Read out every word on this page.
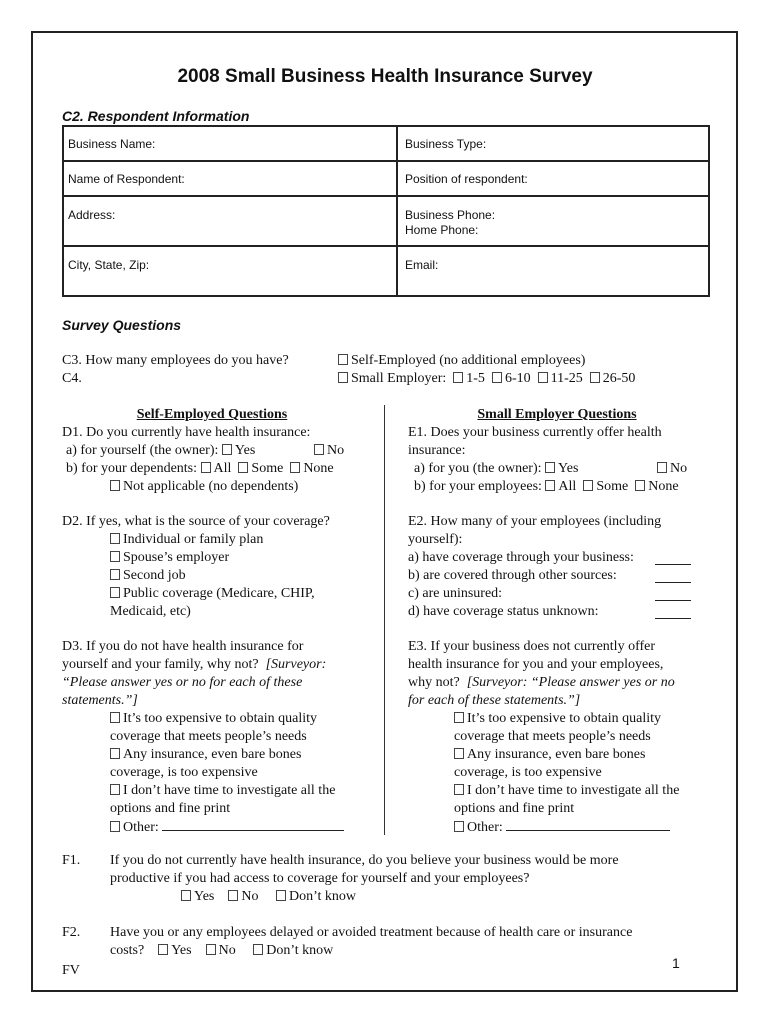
2008 Small Business Health Insurance Survey
C2. Respondent Information
Business Name:	Business Type:
Name of Respondent:	Position of respondent:
Address:	Business Phone:
Home Phone:
City, State, Zip:	Email:
Survey Questions
C3. How many employees do you have?	Self-Employed (no additional employees)
C4.	Small Employer: 1-5 6-10 11-25 26-50
Self-Employed Questions
D1. Do you currently have health insurance:
a) for yourself (the owner): Yes	No
b) for your dependents: All Some None
Not applicable (no dependents)
D2. If yes, what is the source of your coverage?
Individual or family plan
Spouse’s employer
Second job
Public coverage (Medicare, CHIP,
Medicaid, etc)
D3. If you do not have health insurance for
yourself and your family, why not? [Surveyor:
“Please answer yes or no for each of these
statements.”]
It’s too expensive to obtain quality
coverage that meets people’s needs
Any insurance, even bare bones
coverage, is too expensive
I don’t have time to investigate all the
options and fine print
Other:
Small Employer Questions
E1. Does your business currently offer health
insurance:
a) for you (the owner): Yes	No
b) for your employees: All Some None
E2. How many of your employees (including
yourself):
a) have coverage through your business:
b) are covered through other sources:
c) are uninsured:
d) have coverage status unknown:
E3. If your business does not currently offer
health insurance for you and your employees,
why not? [Surveyor: “Please answer yes or no
for each of these statements.”]
It’s too expensive to obtain quality
coverage that meets people’s needs
Any insurance, even bare bones
coverage, is too expensive
I don’t have time to investigate all the
options and fine print
Other:
F1. If you do not currently have health insurance, do you believe your business would be more
productive if you had access to coverage for yourself and your employees?
Yes No Don’t know
F2. Have you or any employees delayed or avoided treatment because of health care or insurance
costs? Yes No Don’t know
FV	1
